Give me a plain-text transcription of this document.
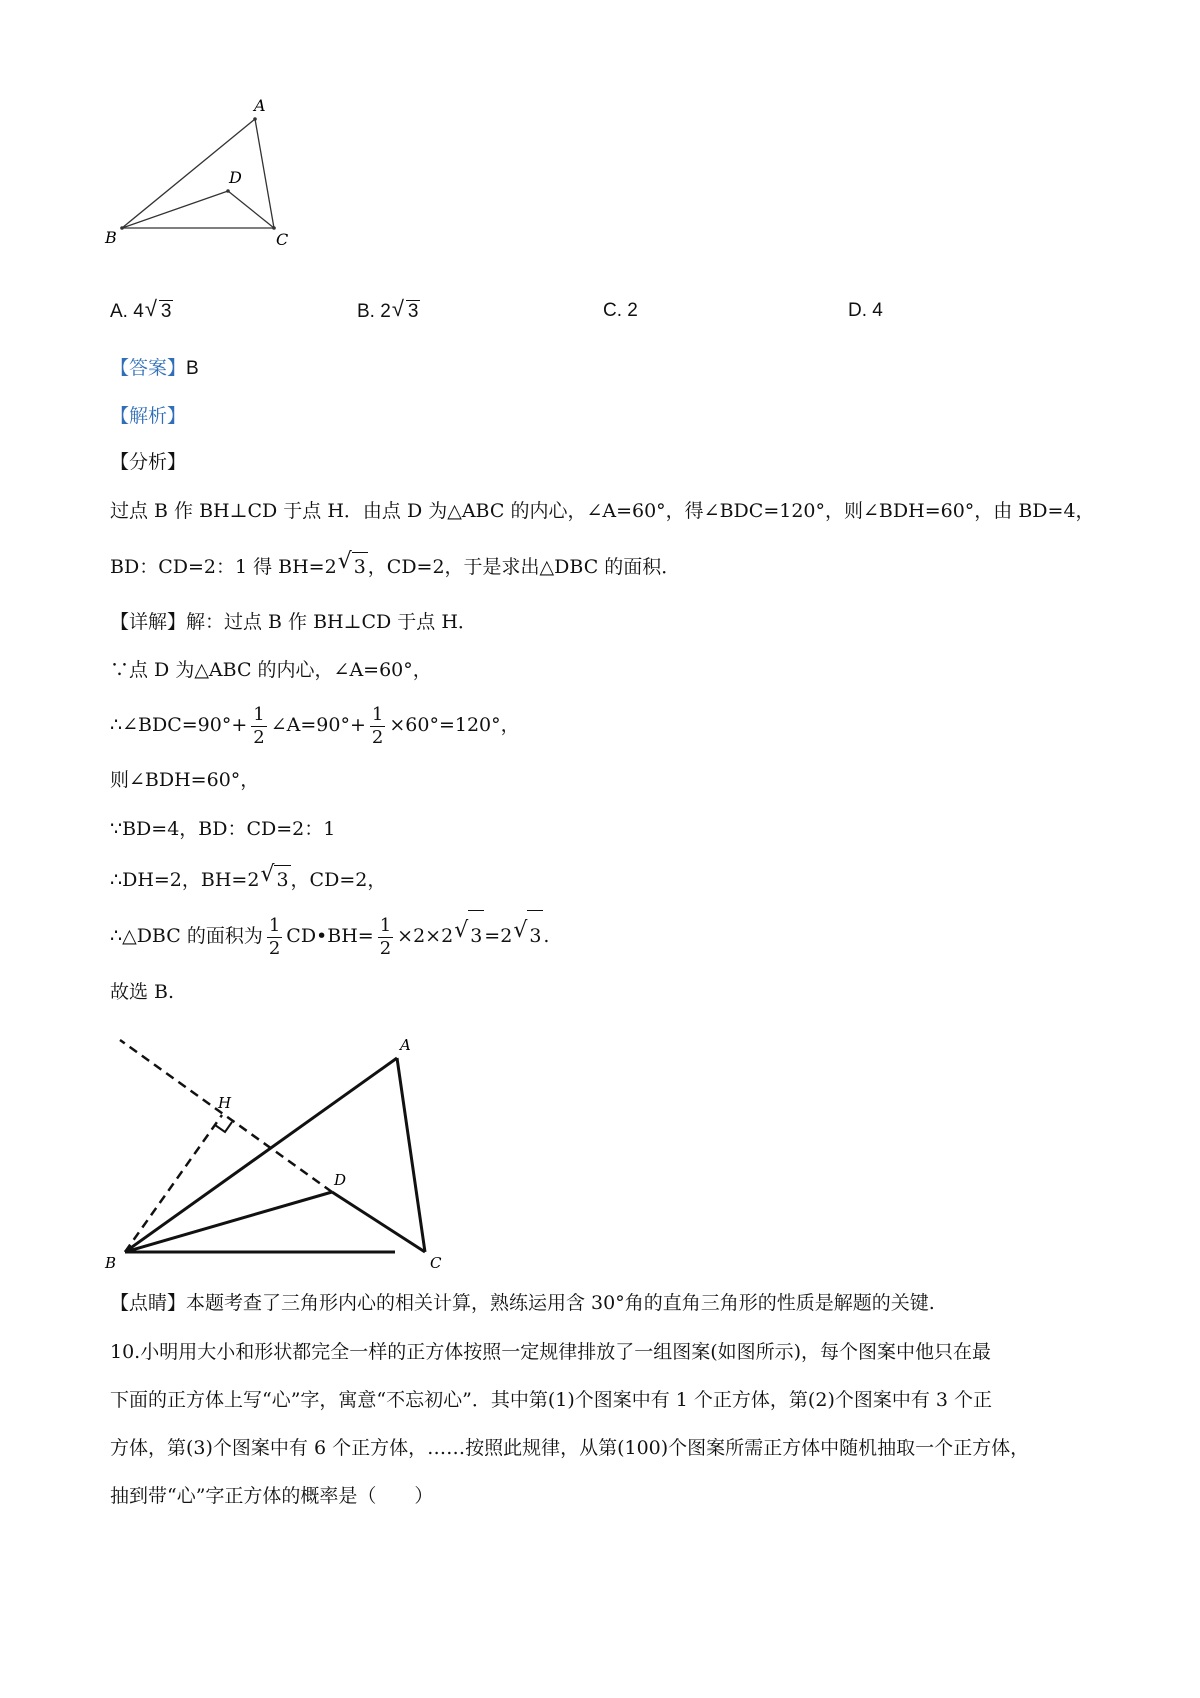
A
D
B	C
A. 4√ 3	B. 2√ 3	C. 2	D. 4
【答案】B
【解析】
【分析】
过点 B 作 BH⊥CD 于点 H．由点 D 为△ABC 的内心，∠A=60°，得∠BDC=120°，则∠BDH=60°，由 BD=4，
BD：CD=2：1 得 BH=2√ 3 ，CD=2，于是求出△DBC 的面积．
【详解】解：过点 B 作 BH⊥CD 于点 H．
∵点 D 为△ABC 的内心，∠A=60°，
∴∠BDC=90°+ $\frac{1}{2}$ ∠A=90°+ $\frac{1}{2} \times 60^\circ=120^\circ$，
则∠BDH=60°，
∵BD=4，BD：CD=2：1
∴DH=2，BH=2√ 3 ，CD=2，
∴△DBC 的面积为 $\frac{1}{2}$ CD•BH= $\frac{1}{2} \times 2\times 2√$ 3 =2√ 3 .
故选 B.
A
H
D
B	C
【点睛】本题考查了三角形内心的相关计算，熟练运用含 30°角的直角三角形的性质是解题的关键.
10.小明用大小和形状都完全一样的正方体按照一定规律排放了一组图案(如图所示)，每个图案中他只在最
下面的正方体上写“心”字，寓意“不忘初心”．其中第(1)个图案中有 1 个正方体，第(2)个图案中有 3 个正
方体，第(3)个图案中有 6 个正方体，……按照此规律，从第(100)个图案所需正方体中随机抽取一个正方体，
抽到带“心”字正方体的概率是（　　）
